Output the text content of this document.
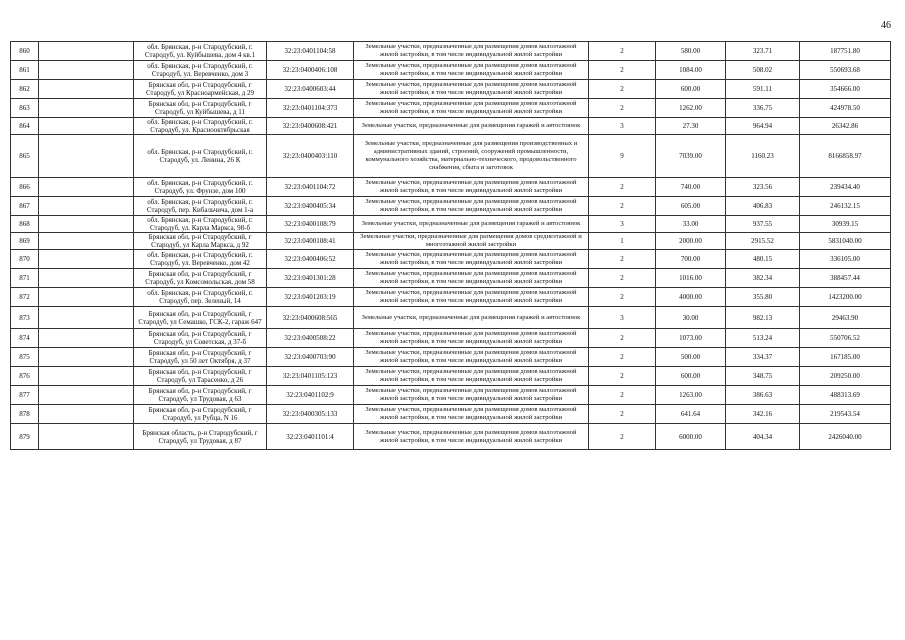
46
860		обл. Брянская, р-н Стародубский, г. Стародуб, ул. Куйбышева, дом 4 кв.1	32:23:0401104:58	Земельные участки, предназначенные для размещения домов малоэтажной жилой застройки, в том числе индивидуальной жилой застройки	2	580.00	323.71	187751.80
861		обл. Брянская, р-н Стародубский, г. Стародуб, ул. Веревченко, дом 3	32:23:0400406:108	Земельные участки, предназначенные для размещения домов малоэтажной жилой застройки, в том числе индивидуальной жилой застройки	2	1084.00	508.02	550693.68
862		Брянская обл, р-н Стародубский, г Стародуб, ул Красноармейская, д 29	32:23:0400603:44	Земельные участки, предназначенные для размещения домов малоэтажной жилой застройки, в том числе индивидуальной жилой застройки	2	600.00	591.11	354666.00
863		Брянская обл, р-н Стародубский, г Стародуб, ул Куйбышева, д 11	32:23:0401104:373	Земельные участки, предназначенные для размещения домов малоэтажной жилой застройки, в том числе индивидуальной жилой застройки	2	1262.00	336.75	424978.50
864		обл. Брянская, р-н Стародубский, г. Стародуб, ул. Краснооктябрьская	32:23:0400608:421	Земельные участки, предназначенные для размещения гаражей и автостоянок	3	27.30	964.94	26342.86
865		обл. Брянская, р-н Стародубский, г. Стародуб, ул. Ленина, 26 К	32:23:0400403:110	Земельные участки, предназначенные для размещения производственных и административных зданий, строений, сооружений промышленности, коммунального хозяйства, материально-технического, продовольственного снабжения, сбыта и заготовок	9	7039.00	1160.23	8166858.97
866		обл. Брянская, р-н Стародубский, г. Стародуб, ул. Фрунзе, дом 100	32:23:0401104:72	Земельные участки, предназначенные для размещения домов малоэтажной жилой застройки, в том числе индивидуальной жилой застройки	2	740.00	323.56	239434.40
867		обл. Брянская, р-н Стародубский, г. Стародуб, пер. Кибальчича, дом 1-а	32:23:0400405:34	Земельные участки, предназначенные для размещения домов малоэтажной жилой застройки, в том числе индивидуальной жилой застройки	2	605.00	406.83	246132.15
868		обл. Брянская, р-н Стародубский, г. Стародуб, ул. Карла Маркса, 98-б	32:23:0400108:79	Земельные участки, предназначенные для размещения гаражей и автостоянок	3	33.00	937.55	30939.15
869		Брянская обл, р-н Стародубский, г Стародуб, ул Карла Маркса, д 92	32:23:0400108:41	Земельные участки, предназначенные для размещения домов среднеэтажной и многоэтажной жилой застройки	1	2000.00	2915.52	5831040.00
870		обл. Брянская, р-н Стародубский, г. Стародуб, ул. Веревченко, дом 42	32:23:0400406:52	Земельные участки, предназначенные для размещения домов малоэтажной жилой застройки, в том числе индивидуальной жилой застройки	2	700.00	480.15	336105.00
871		Брянская обл, р-н Стародубский, г Стародуб, ул Комсомольская, дом 58	32:23:0401301:28	Земельные участки, предназначенные для размещения домов малоэтажной жилой застройки, в том числе индивидуальной жилой застройки	2	1016.00	382.34	388457.44
872		обл. Брянская, р-н Стародубский, г. Стародуб, пер. Зеленый, 14	32:23:0401203:19	Земельные участки, предназначенные для размещения домов малоэтажной жилой застройки, в том числе индивидуальной жилой застройки	2	4000.00	355.80	1423200.00
873		Брянская обл, р-н Стародубский, г Стародуб, ул Семашко, ГСК-2, гараж 647	32:23:0400608:565	Земельные участки, предназначенные для размещения гаражей и автостоянок	3	30.00	982.13	29463.90
874		Брянская обл, р-н Стародубский, г Стародуб, ул Советская, д 37-б	32:23:0400508:22	Земельные участки, предназначенные для размещения домов малоэтажной жилой застройки, в том числе индивидуальной жилой застройки	2	1073.00	513.24	550706.52
875		Брянская обл, р-н Стародубский, г Стародуб, ул 50 лет Октября, д 37	32:23:0400703:90	Земельные участки, предназначенные для размещения домов малоэтажной жилой застройки, в том числе индивидуальной жилой застройки	2	500.00	334.37	167185.00
876		Брянская обл, р-н Стародубский, г Стародуб, ул Тарасенко, д 26	32:23:0401105:123	Земельные участки, предназначенные для размещения домов малоэтажной жилой застройки, в том числе индивидуальной жилой застройки	2	600.00	348.75	209250.00
877		Брянская обл, р-н Стародубский, г Стародуб, ул Трудовая, д 63	32:23:0401102:9	Земельные участки, предназначенные для размещения домов малоэтажной жилой застройки, в том числе индивидуальной жилой застройки	2	1263.00	386.63	488313.69
878		Брянская обл, р-н Стародубский, г Стародуб, ул Рубца, N 16	32:23:0400305:133	Земельные участки, предназначенные для размещения домов малоэтажной жилой застройки, в том числе индивидуальной жилой застройки	2	641.64	342.16	219543.54
879		Брянская область, р-н Стародубский, г Стародуб, ул Трудовая, д 87	32:23:0401101:4	Земельные участки, предназначенные для размещения домов малоэтажной жилой застройки, в том числе индивидуальной жилой застройки	2	6000.00	404.34	2426040.00
